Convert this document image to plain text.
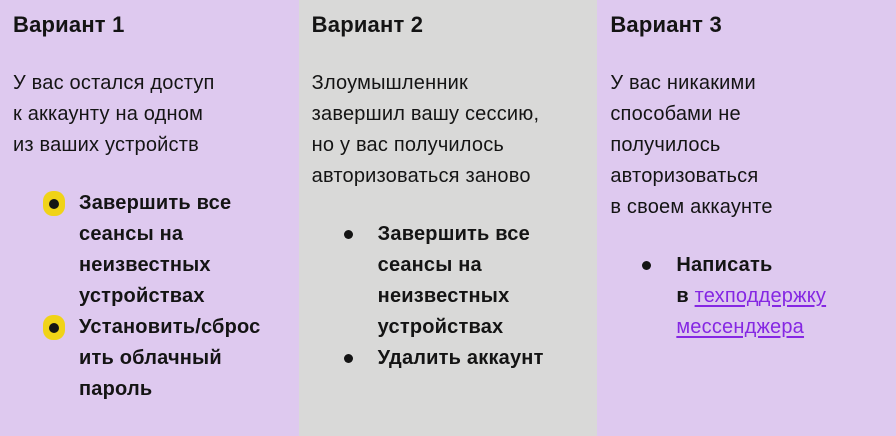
Вариант 1

У вас остался доступ
к аккаунту на одном
из ваших устройств

Завершить все
сеансы на
неизвестных
устройствах
Установить/сброс
ить облачный
пароль
Вариант 2

Злоумышленник
завершил вашу сессию,
но у вас получилось
авторизоваться заново

Завершить все
сеансы на
неизвестных
устройствах
Удалить аккаунт
Вариант 3

У вас никакими
способами не
получилось
авторизоваться
в своем аккаунте

Написать
в техподдержку
мессенджера
